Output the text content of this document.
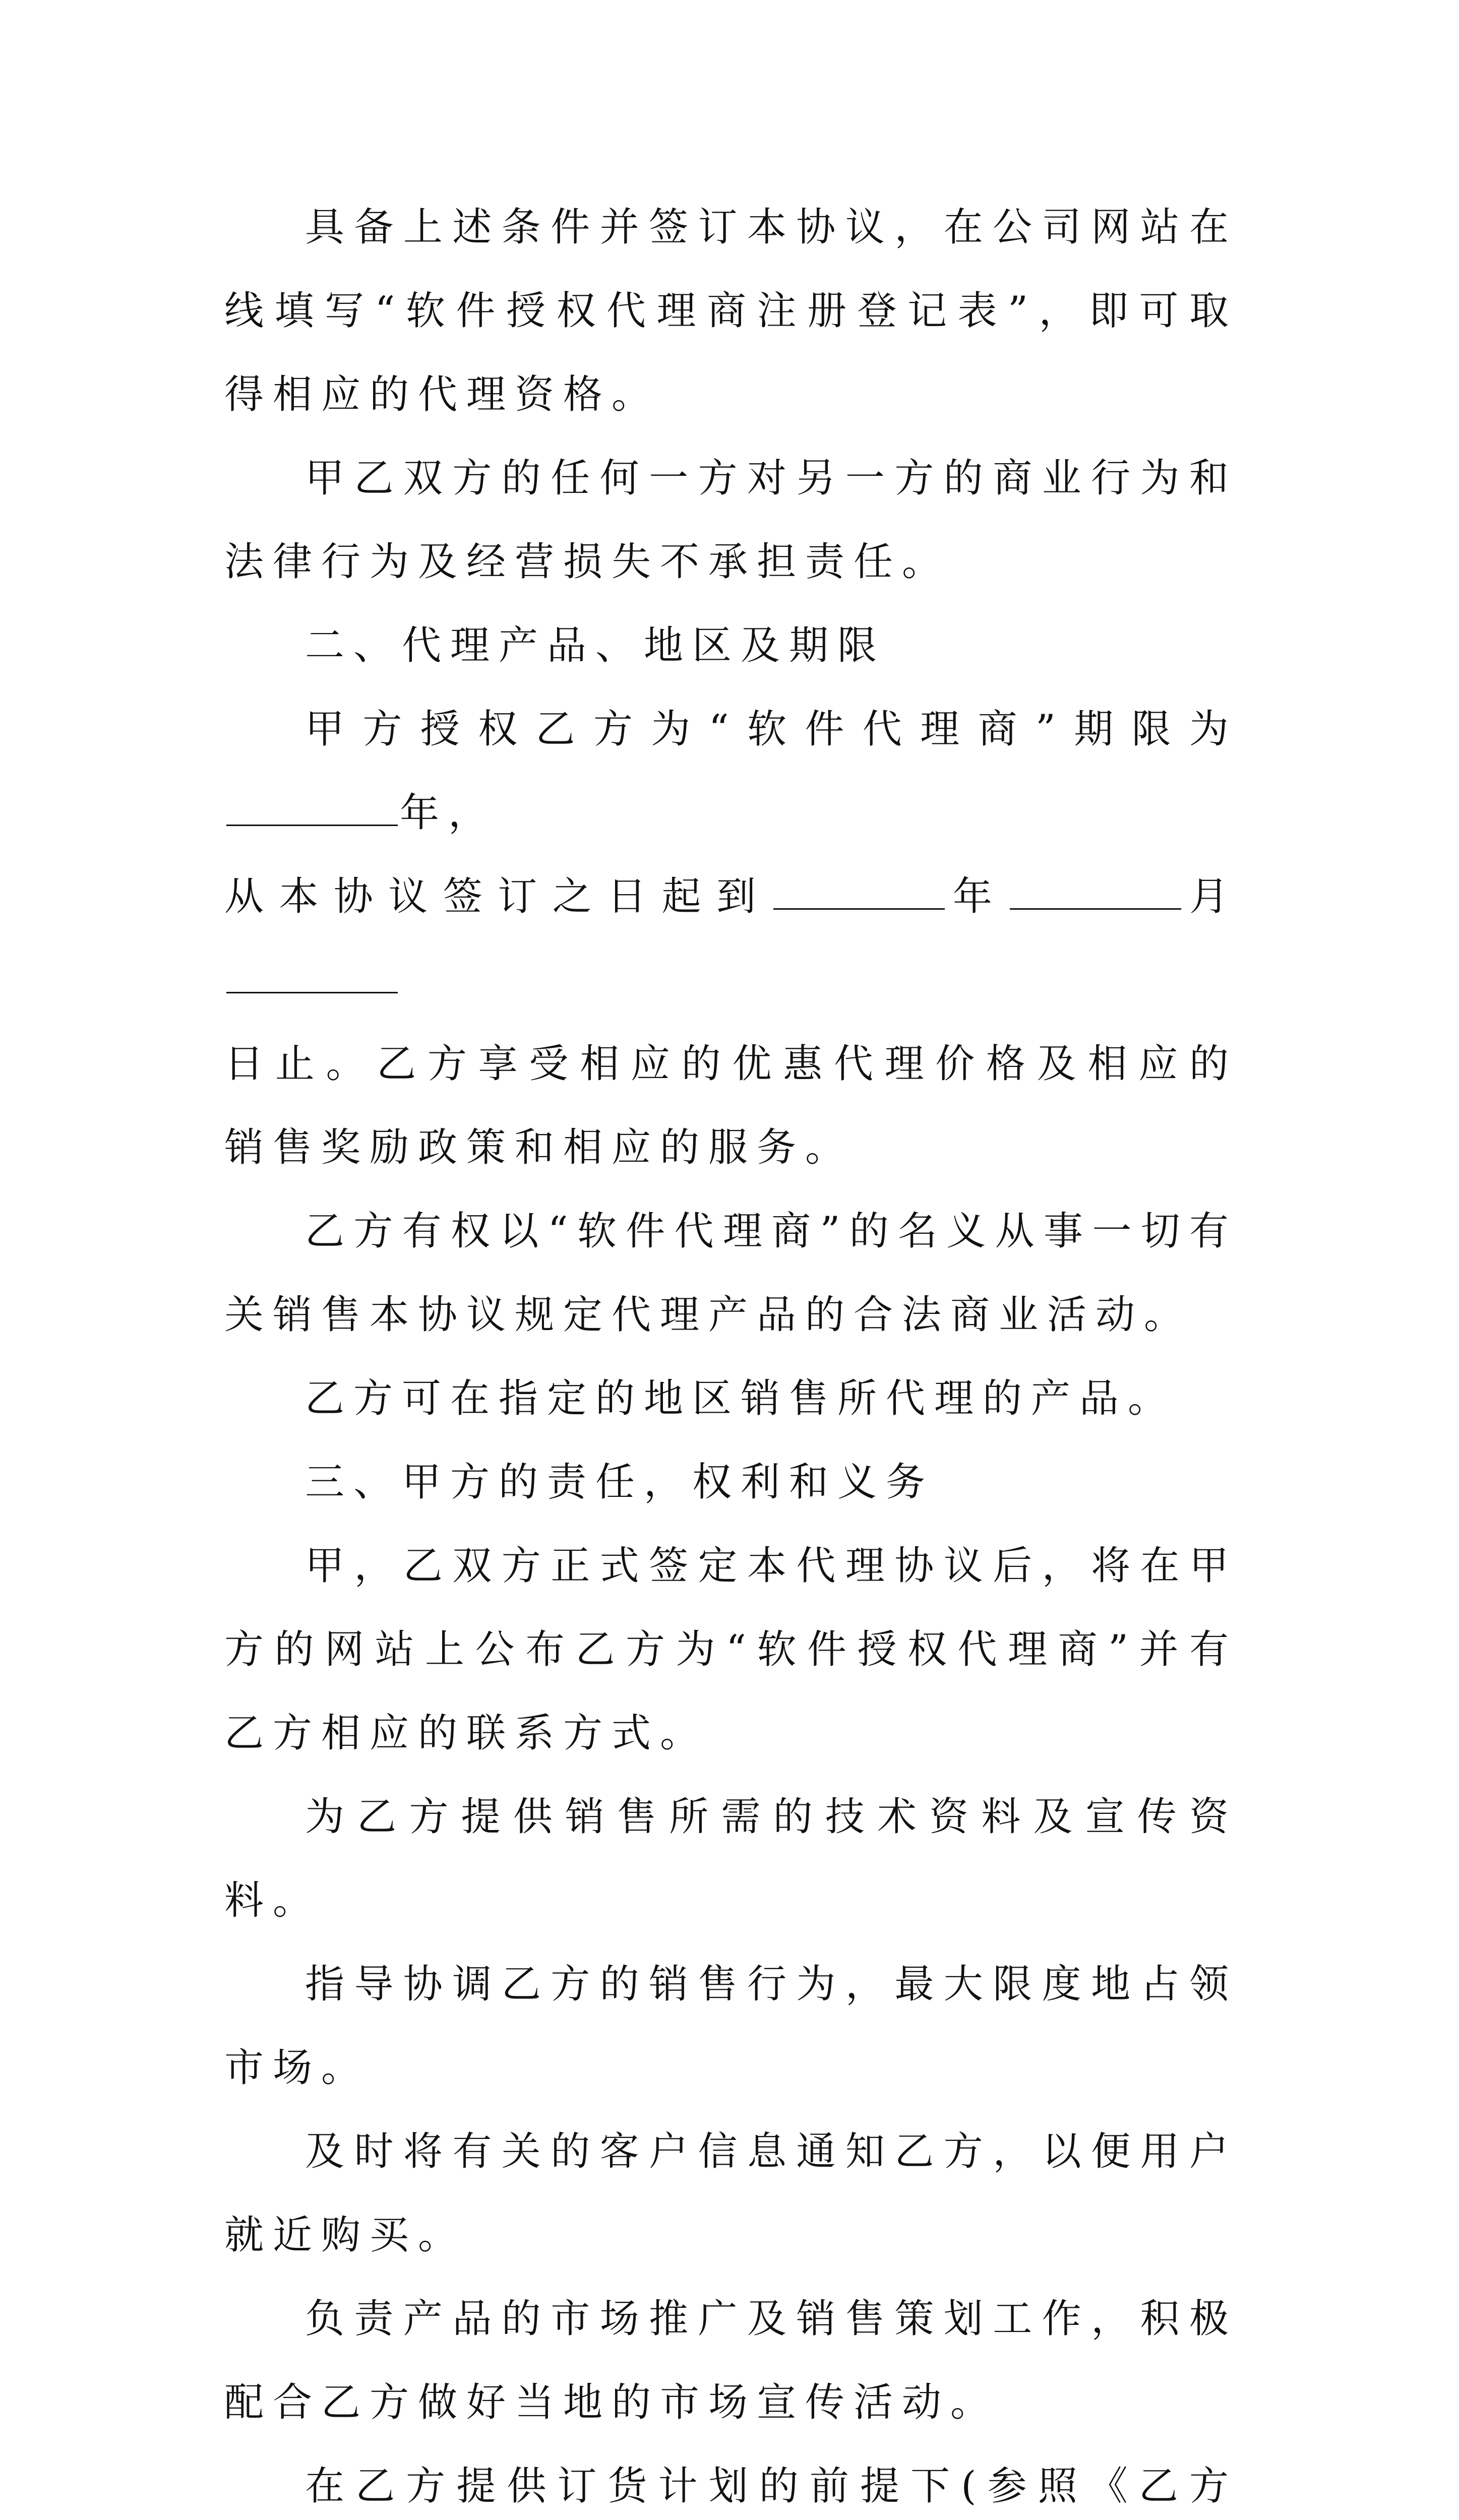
具备上述条件并签订本协议，在公司网站在线填写“软件授权代理商注册登记表”，即可取得相应的代理资格。

甲乙双方的任何一方对另一方的商业行为和法律行为及经营损失不承担责任。

二、代理产品、地区及期限

甲方授权乙方为“软件代理商”期限为年，
从本协议签订之日起到	年	月
日止。乙方享受相应的优惠代理价格及相应的销售奖励政策和相应的服务。

乙方有权以“软件代理商”的名义从事一切有关销售本协议规定代理产品的合法商业活动。

乙方可在指定的地区销售所代理的产品。

三、甲方的责任，权利和义务

甲，乙双方正式签定本代理协议后，将在甲方的网站上公布乙方为“软件授权代理商”并有乙方相应的联系方式。

为乙方提供销售所需的技术资料及宣传资料。

指导协调乙方的销售行为，最大限度地占领市场。

及时将有关的客户信息通知乙方，以便用户就近购买。

负责产品的市场推广及销售策划工作，积极配合乙方做好当地的市场宣传活动。

在乙方提供订货计划的前提下(参照《乙方
